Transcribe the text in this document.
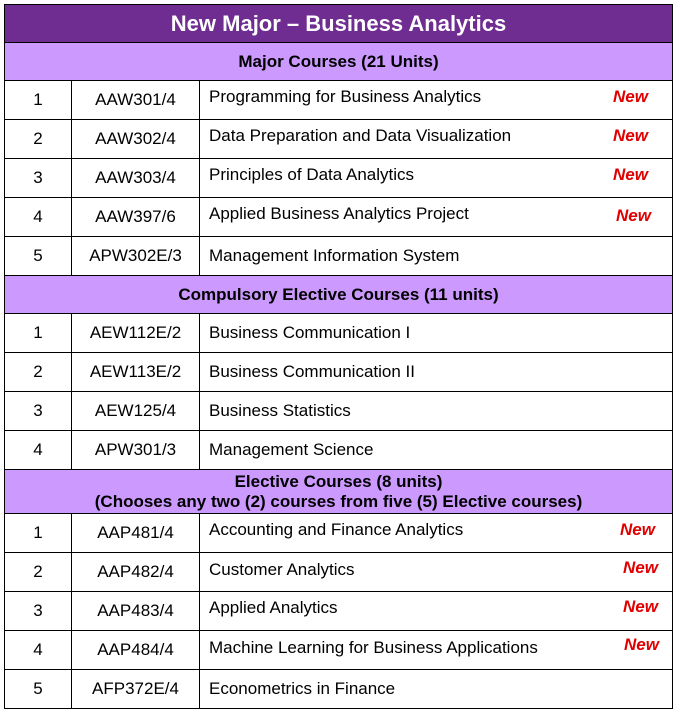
New Major – Business Analytics		

Major Courses (21 Units)		

1	AAW301/4	Programming for Business Analytics New

2	AAW302/4	Data Preparation and Data Visualization New

3	AAW303/4	Principles of Data Analytics New

4	AAW397/6	Applied Business Analytics Project New

5	APW302E/3	Management Information System

Compulsory Elective Courses (11 units)		

1	AEW112E/2	Business Communication I
2	AEW113E/2	Business Communication II
3	AEW125/4	Business Statistics
4	APW301/3	Management Science

Elective Courses (8 units)
(Chooses any two (2) courses from five (5) Elective courses)		

1	AAP481/4	Accounting and Finance Analytics New

2	AAP482/4	Customer Analytics New

3	AAP483/4	Applied Analytics New

4	AAP484/4	Machine Learning for Business Applications New

5	AFP372E/4	Econometrics in Finance
